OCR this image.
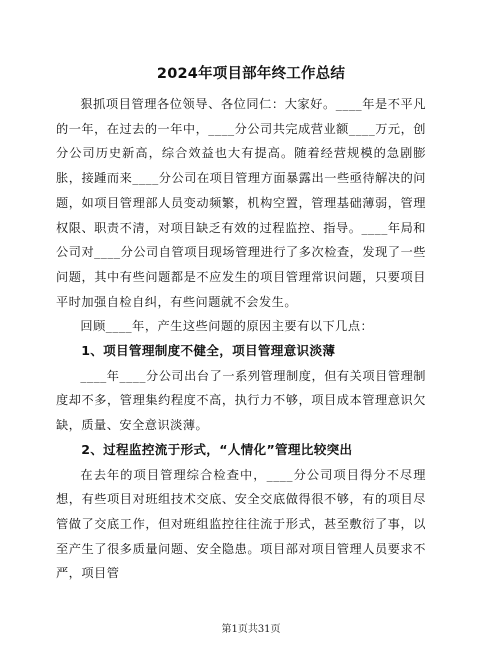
2024年项目部年终工作总结

狠抓项目管理各位领导、各位同仁：大家好。____年是不平凡的一年，在过去的一年中，____分公司共完成营业额____万元，创分公司历史新高，综合效益也大有提高。随着经营规模的急剧膨胀，接踵而来____分公司在项目管理方面暴露出一些亟待解决的问题，如项目管理部人员变动频繁，机构空置，管理基础薄弱，管理权限、职责不清，对项目缺乏有效的过程监控、指导。____年局和公司对____分公司自管项目现场管理进行了多次检查，发现了一些问题，其中有些问题都是不应发生的项目管理常识问题，只要项目平时加强自检自纠，有些问题就不会发生。

回顾____年，产生这些问题的原因主要有以下几点：

1、项目管理制度不健全，项目管理意识淡薄

____年____分公司出台了一系列管理制度，但有关项目管理制度却不多，管理集约程度不高，执行力不够，项目成本管理意识欠缺，质量、安全意识淡薄。

2、过程监控流于形式，“人情化”管理比较突出

在去年的项目管理综合检查中，____分公司项目得分不尽理想，有些项目对班组技术交底、安全交底做得很不够，有的项目尽管做了交底工作，但对班组监控往往流于形式，甚至敷衍了事，以至产生了很多质量问题、安全隐患。项目部对项目管理人员要求不严，项目管

第1页共31页
